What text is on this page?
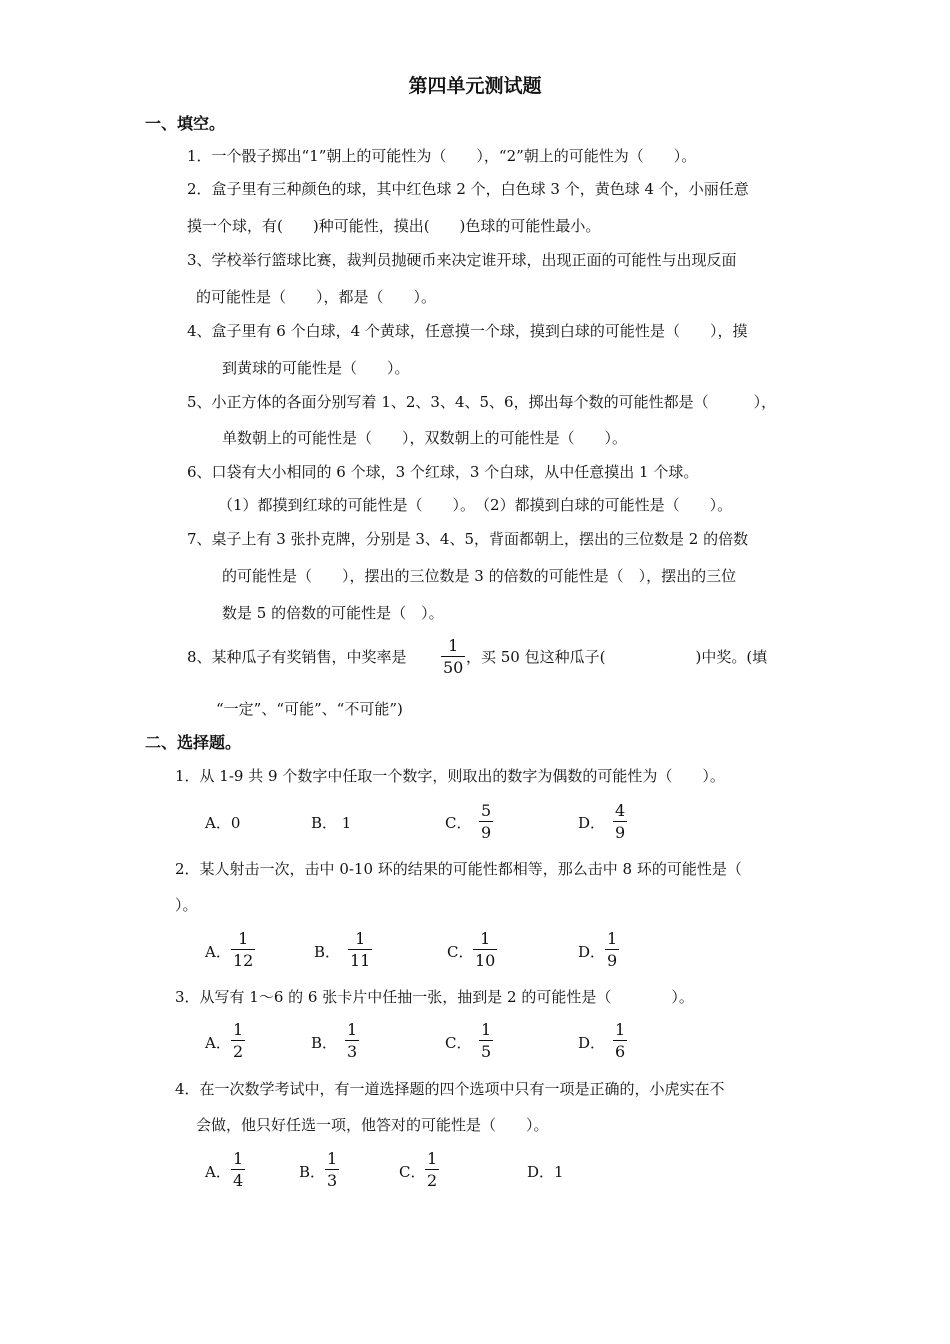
第四单元测试题
一、填空。
1．一个骰子掷出“1”朝上的可能性为（　　），“2”朝上的可能性为（　　）。
2．盒子里有三种颜色的球，其中红色球 2 个，白色球 3 个，黄色球 4 个，小丽任意
摸一个球，有(　　)种可能性，摸出(　　)色球的可能性最小。
3、学校举行篮球比赛，裁判员抛硬币来决定谁开球，出现正面的可能性与出现反面
的可能性是（　　），都是（　　）。
4、盒子里有 6 个白球，4 个黄球，任意摸一个球，摸到白球的可能性是（　　），摸
到黄球的可能性是（　　）。
5、小正方体的各面分别写着 1、2、3、4、5、6，掷出每个数的可能性都是（　　　），
单数朝上的可能性是（　　），双数朝上的可能性是（　　）。
6、口袋有大小相同的 6 个球，3 个红球，3 个白球，从中任意摸出 1 个球。
（1）都摸到红球的可能性是（　　）。　（2）都摸到白球的可能性是（　　）。
7、桌子上有 3 张扑克牌，分别是 3、4、5，背面都朝上，摆出的三位数是 2 的倍数
的可能性是（　　），摆出的三位数是 3 的倍数的可能性是（　），摆出的三位
数是 5 的倍数的可能性是（　）。
8、某种瓜子有奖销售，中奖率是
1
50
，买 50 包这种瓜子(　　　　　　)中奖。(填
“一定”、“可能”、“不可能”)
二、选择题。
1．从 1-9 共 9 个数字中任取一个数字，则取出的数字为偶数的可能性为（　　）。
A．0	B． 1	C．
5
9	D．
4
9
2．某人射击一次，击中 0-10 环的结果的可能性都相等，那么击中 8 环的可能性是（
）。
A．
1
12	B．
1
11	C．
1
10	D．
1
9
3．从写有 1～6 的 6 张卡片中任抽一张，抽到是 2 的可能性是（　　　　）。
A．
1
2	B．
1
3	C．
1
5	D．
1
6
4．在一次数学考试中，有一道选择题的四个选项中只有一项是正确的，小虎实在不
会做，他只好任选一项，他答对的可能性是（　　）。
A．
1
4	B．
1
3	C．
1
2	D．1
